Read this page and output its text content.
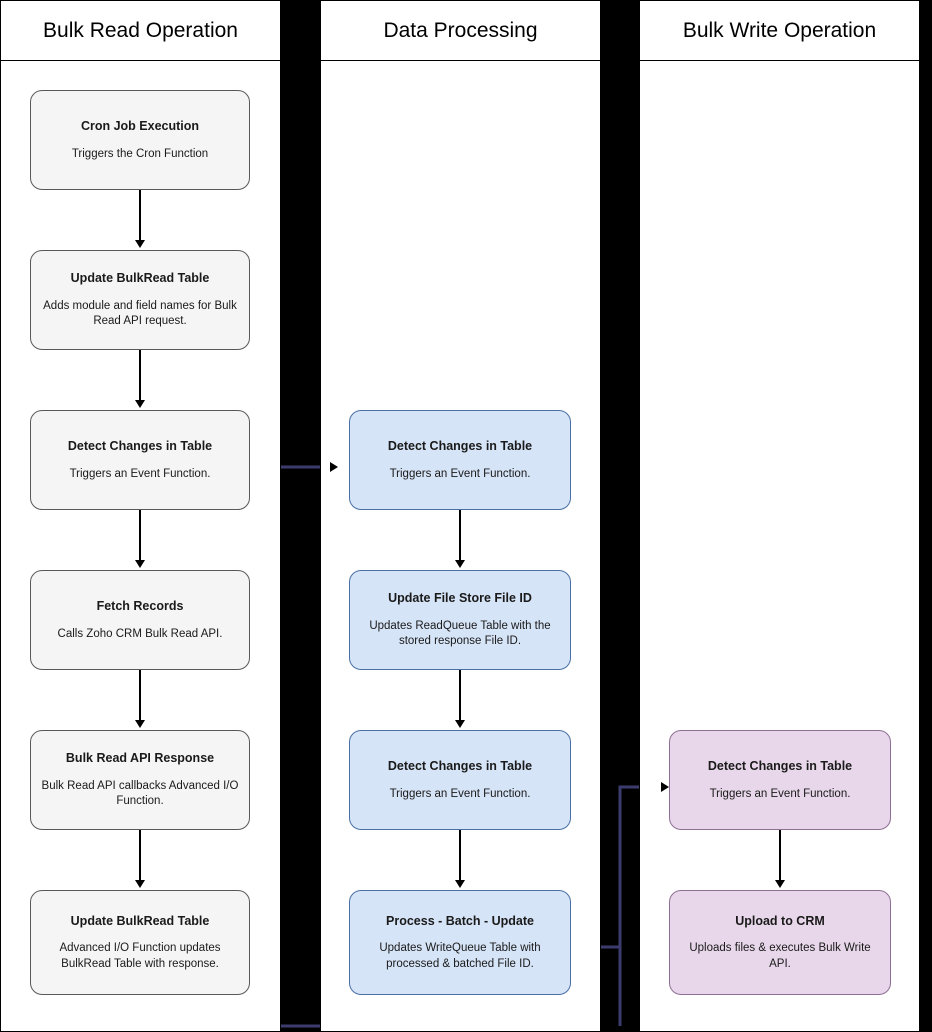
Bulk Read Operation	Data Processing	Bulk Write Operation
Cron Job Execution
Triggers the Cron Function
Update BulkRead Table
Adds module and field names for Bulk Read API request.
Detect Changes in Table
Triggers an Event Function.
Fetch Records
Calls Zoho CRM Bulk Read API.
Bulk Read API Response
Bulk Read API callbacks Advanced I/O Function.
Update BulkRead Table
Advanced I/O Function updates BulkRead Table with response.
Detect Changes in Table
Triggers an Event Function.
Update File Store File ID
Updates ReadQueue Table with the stored response File ID.
Detect Changes in Table
Triggers an Event Function.
Process - Batch - Update
Updates WriteQueue Table with processed & batched File ID.
Detect Changes in Table
Triggers an Event Function.
Upload to CRM
Uploads files & executes Bulk Write API.
